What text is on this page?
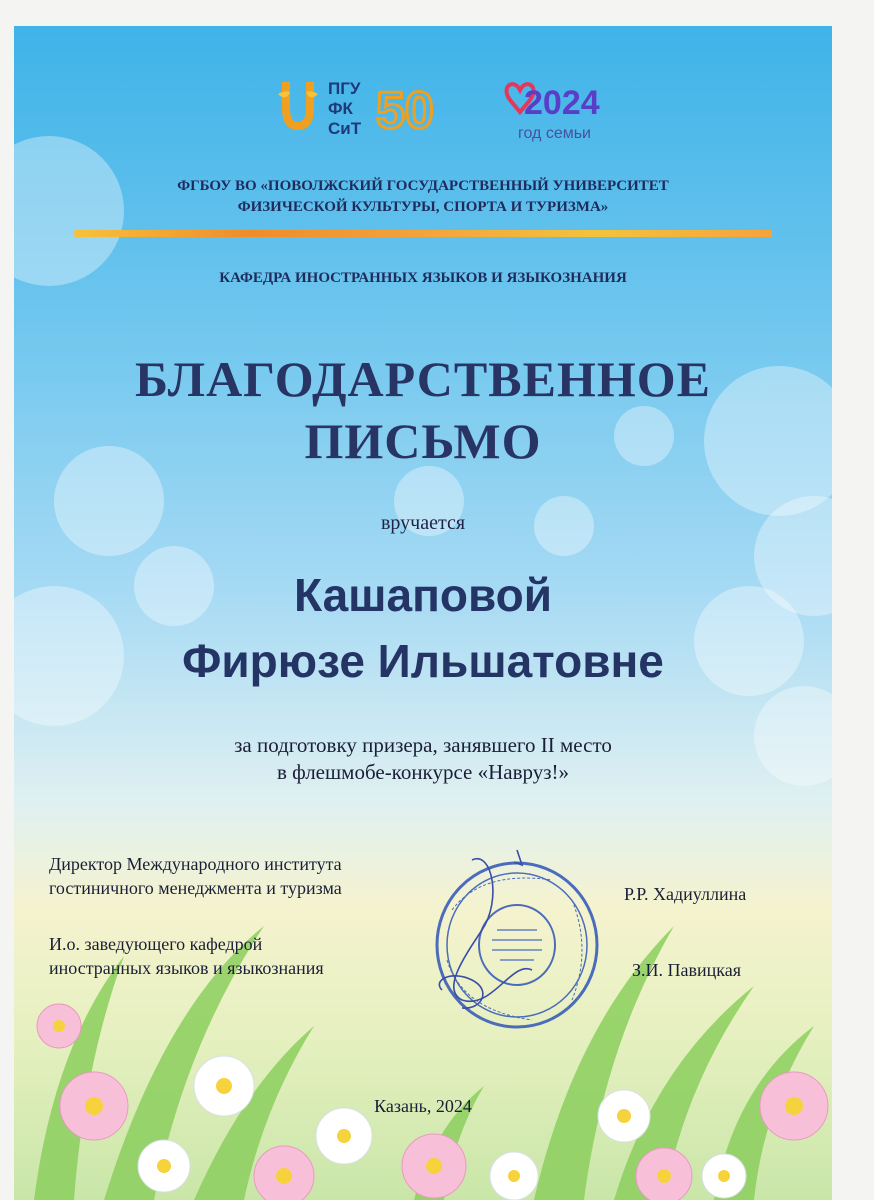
ПГУ
ФК
СиТ 50	2024
год семьи
ФГБОУ ВО «ПОВОЛЖСКИЙ ГОСУДАРСТВЕННЫЙ УНИВЕРСИТЕТ
ФИЗИЧЕСКОЙ КУЛЬТУРЫ, СПОРТА И ТУРИЗМА»
КАФЕДРА ИНОСТРАННЫХ ЯЗЫКОВ И ЯЗЫКОЗНАНИЯ
БЛАГОДАРСТВЕННОЕ
ПИСЬМО
вручается
Кашаповой
Фирюзе Ильшатовне
за подготовку призера, занявшего II место
в флешмобе-конкурсе «Навруз!»
Директор Международного института
гостиничного менеджмента и туризма	Р.Р. Хадиуллина
И.о. заведующего кафедрой
иностранных языков и языкознания	З.И. Павицкая
Казань, 2024
